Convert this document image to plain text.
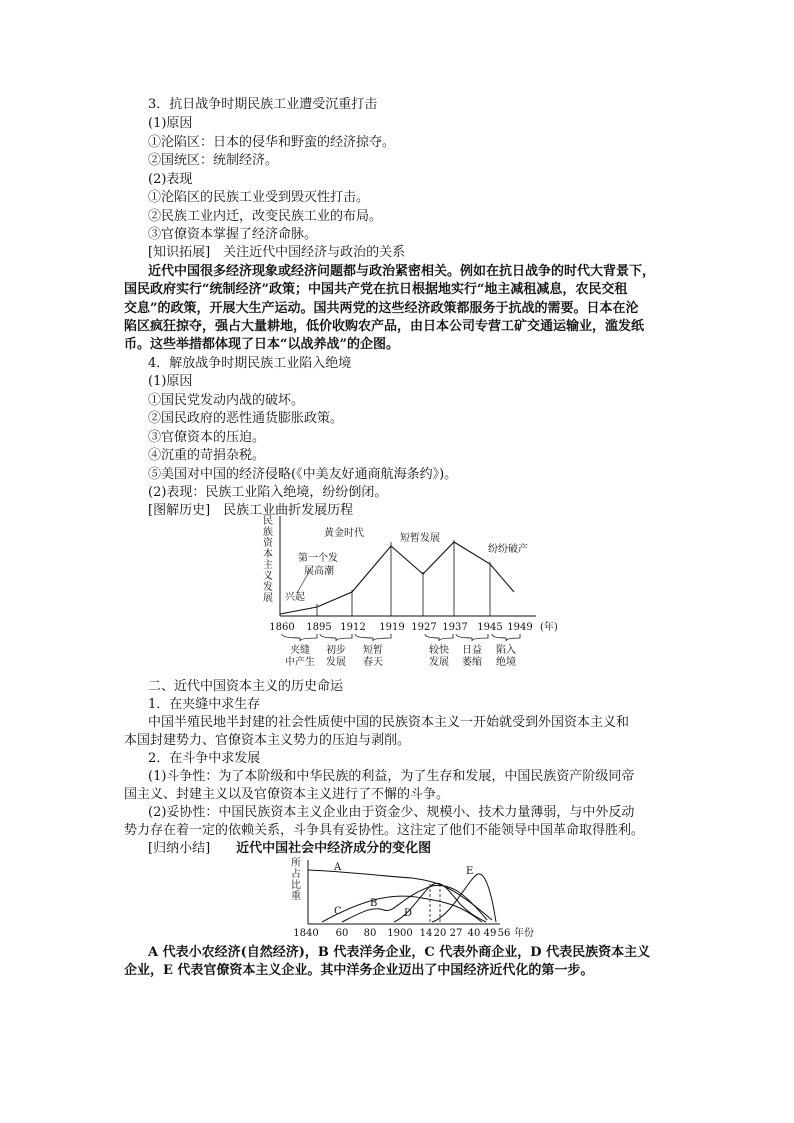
3．抗日战争时期民族工业遭受沉重打击
(1)原因
①沦陷区：日本的侵华和野蛮的经济掠夺。
②国统区：统制经济。
(2)表现
①沦陷区的民族工业受到毁灭性打击。
②民族工业内迁，改变民族工业的布局。
③官僚资本掌握了经济命脉。
[知识拓展]  关注近代中国经济与政治的关系
近代中国很多经济现象或经济问题都与政治紧密相关。例如在抗日战争的时代大背景下，
国民政府实行“统制经济”政策；中国共产党在抗日根据地实行“地主减租减息，农民交租
交息”的政策，开展大生产运动。国共两党的这些经济政策都服务于抗战的需要。日本在沦
陷区疯狂掠夺，强占大量耕地，低价收购农产品，由日本公司专营工矿交通运输业，滥发纸
币。这些举措都体现了日本“以战养战”的企图。
4．解放战争时期民族工业陷入绝境
(1)原因
①国民党发动内战的破坏。
②国民政府的恶性通货膨胀政策。
③官僚资本的压迫。
④沉重的苛捐杂税。
⑤美国对中国的经济侵略(《中美友好通商航海条约》)。
(2)表现：民族工业陷入绝境，纷纷倒闭。
[图解历史]  民族工业曲折发展历程
民
族
资
本
主
义
发
展 兴起
第一个发
展高潮
黄金时代	短暂发展
纷纷破产
1860 1895 1912 1919 1927 1937 1945 1949 (年)
夹缝
中产生
初步
发展
短暂
春天
较快
发展
日益
萎缩
陷入
绝境
二、近代中国资本主义的历史命运
1．在夹缝中求生存
中国半殖民地半封建的社会性质使中国的民族资本主义一开始就受到外国资本主义和
本国封建势力、官僚资本主义势力的压迫与剥削。
2．在斗争中求发展
(1)斗争性：为了本阶级和中华民族的利益，为了生存和发展，中国民族资产阶级同帝
国主义、封建主义以及官僚资本主义进行了不懈的斗争。
(2)妥协性：中国民族资本主义企业由于资金少、规模小、技术力量薄弱，与中外反动
势力存在着一定的依赖关系，斗争具有妥协性。这注定了他们不能领导中国革命取得胜利。
[归纳小结]   近代中国社会中经济成分的变化图
所
占
比
重
A
B
C	D
E
1840 60 80 1900 14 20 27 40 49 56 年份
A 代表小农经济(自然经济)，B 代表洋务企业，C 代表外商企业，D 代表民族资本主义
企业，E 代表官僚资本主义企业。其中洋务企业迈出了中国经济近代化的第一步。
